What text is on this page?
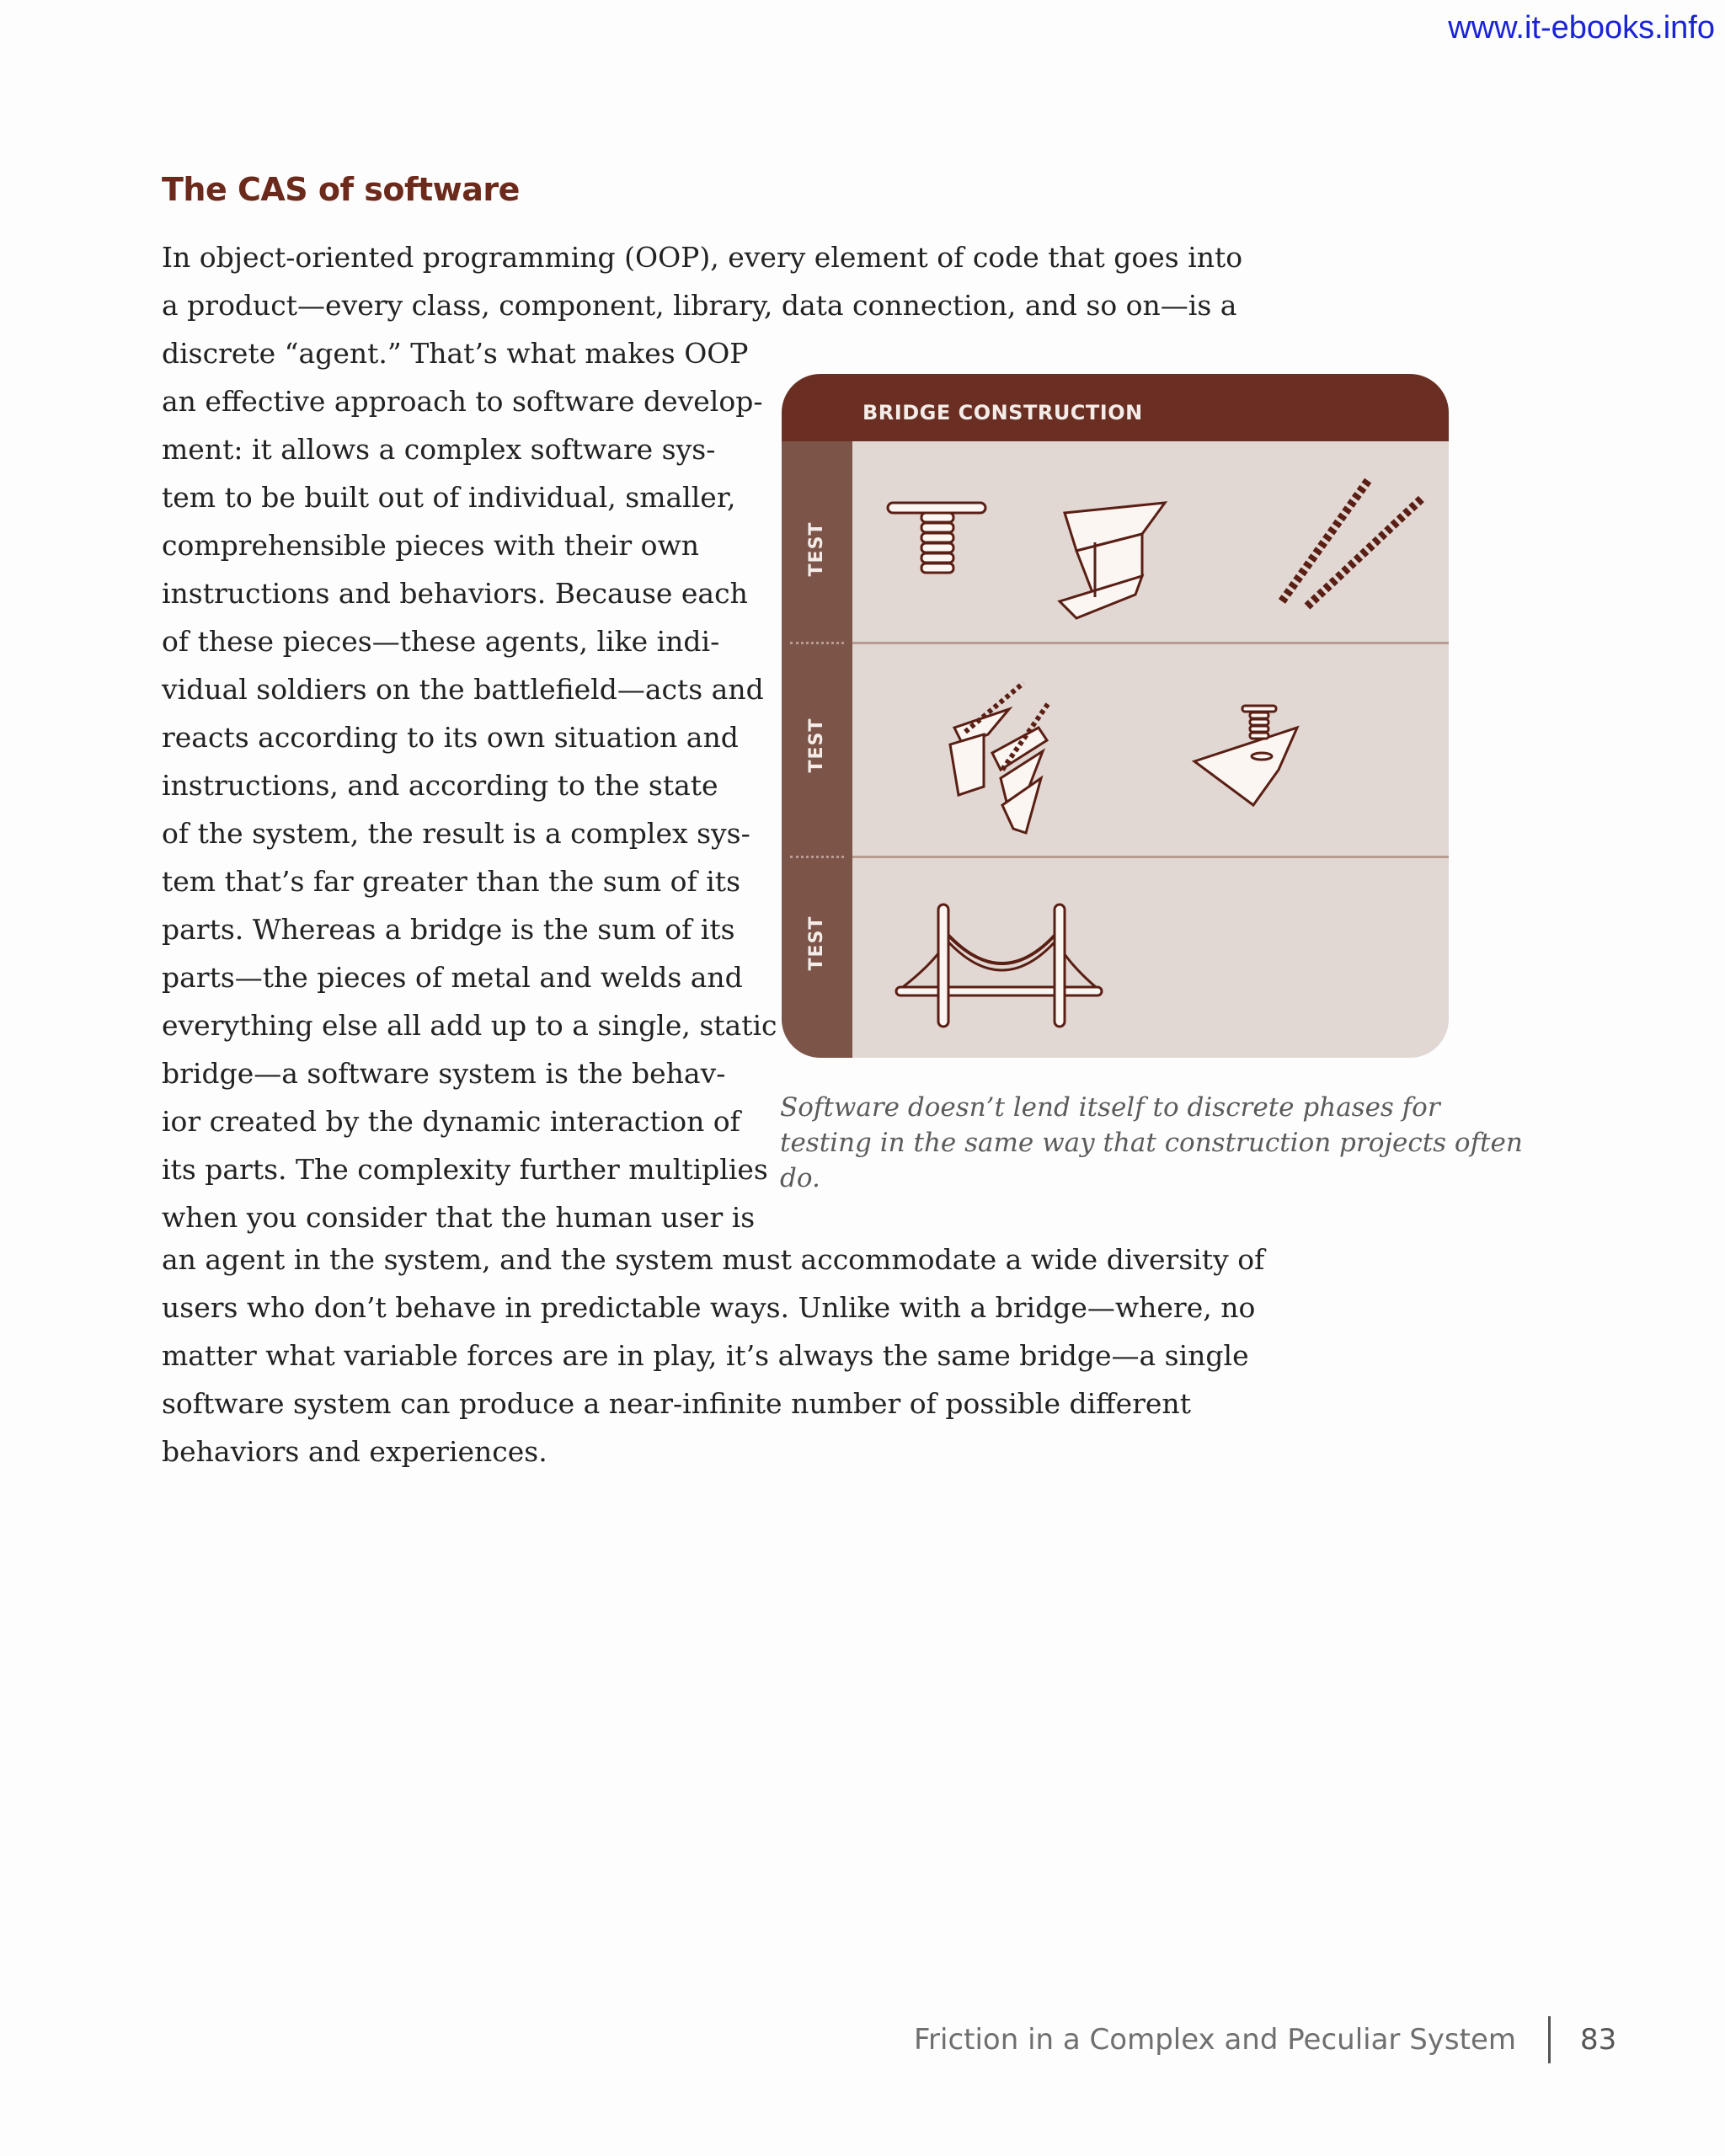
www.it-ebooks.info
The CAS of software
In object-oriented programming (OOP), every element of code that goes into
a product—every class, component, library, data connection, and so on—is a
discrete “agent.” That’s what makes OOP
an effective approach to software develop-
ment: it allows a complex software sys-
tem to be built out of individual, smaller,
comprehensible pieces with their own
instructions and behaviors. Because each
of these pieces—these agents, like indi-
vidual soldiers on the battlefield—acts and
reacts according to its own situation and
instructions, and according to the state
of the system, the result is a complex sys-
tem that’s far greater than the sum of its
parts. Whereas a bridge is the sum of its
parts—the pieces of metal and welds and
everything else all add up to a single, static
bridge—a software system is the behav-
ior created by the dynamic interaction of
its parts. The complexity further multiplies
when you consider that the human user is
an agent in the system, and the system must accommodate a wide diversity of
users who don’t behave in predictable ways. Unlike with a bridge—where, no
matter what variable forces are in play, it’s always the same bridge—a single
software system can produce a near-infinite number of possible different
behaviors and experiences.
BRIDGE CONSTRUCTION
TEST
TEST
TEST

Software doesn’t lend itself to discrete phases for testing in the same way that construction projects often do.

Friction in a Complex and Peculiar System 83
